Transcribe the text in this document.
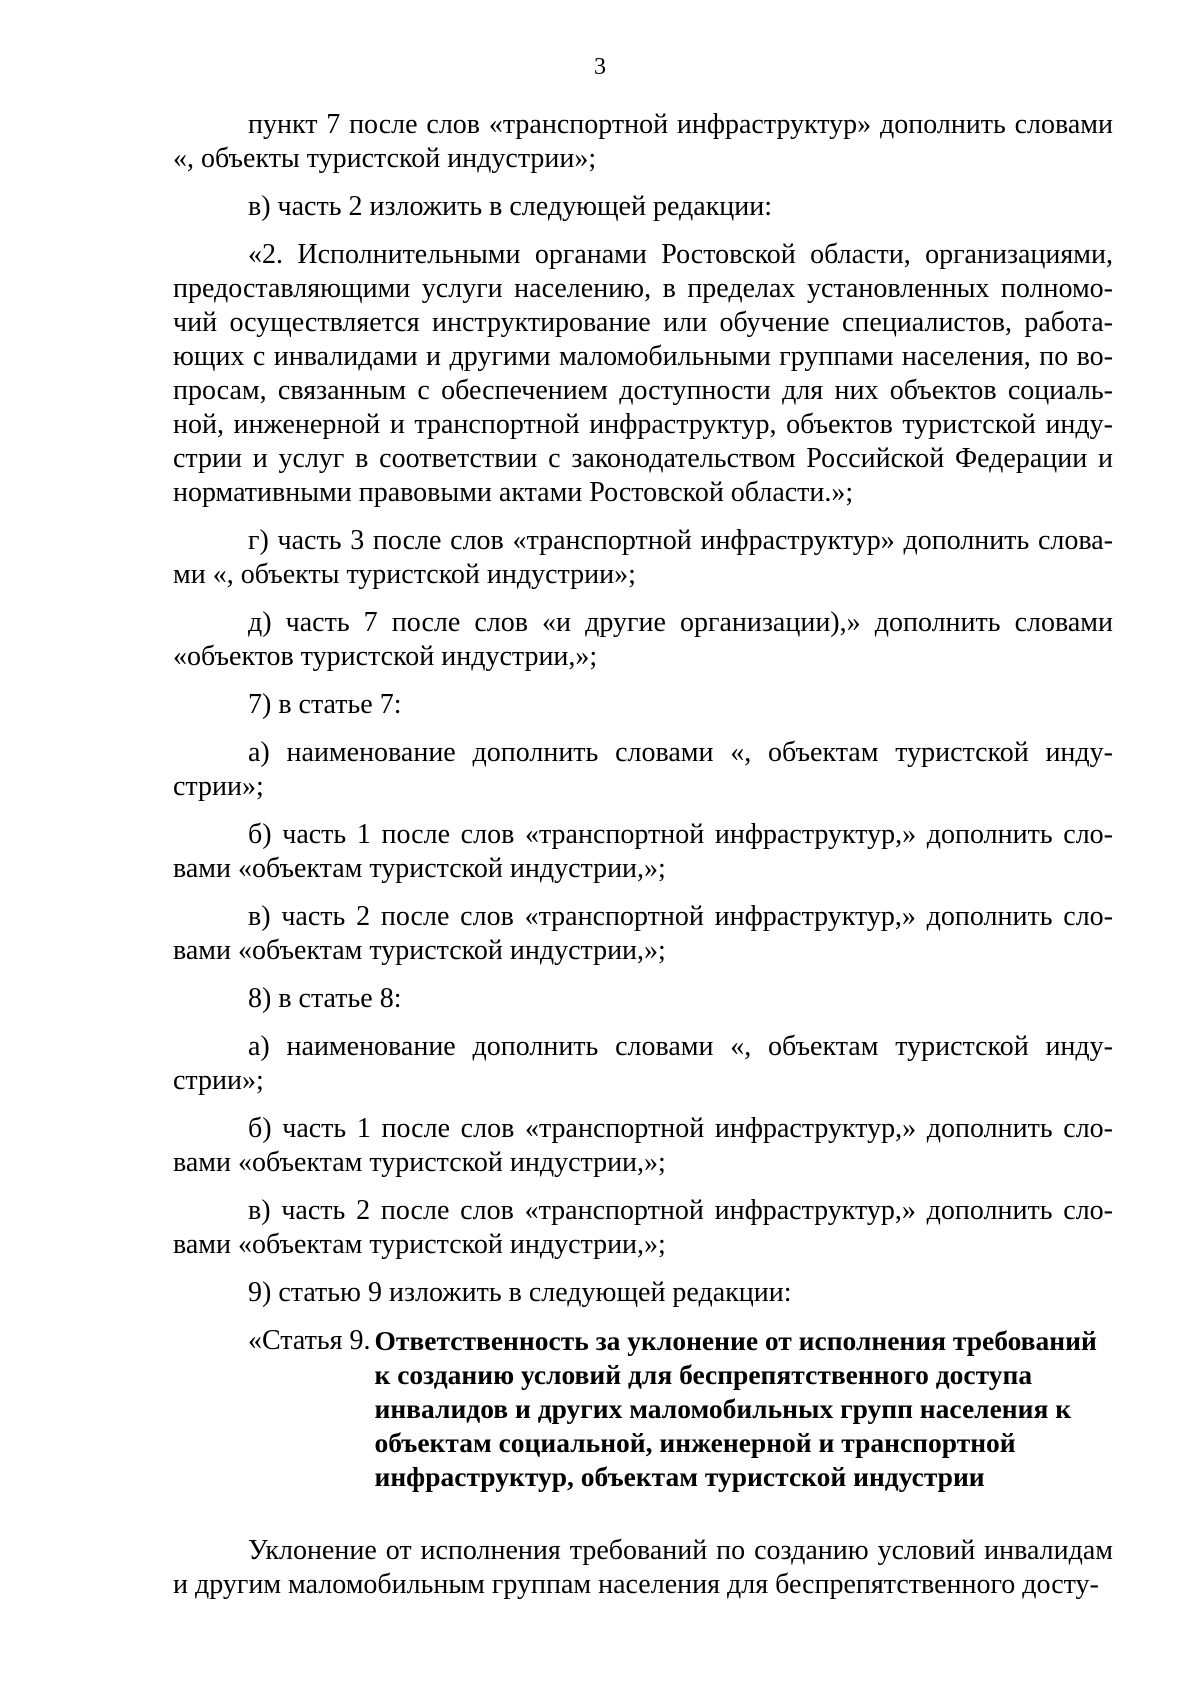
3

пункт 7 после слов «транспортной инфраструктур» дополнить словами «, объекты туристской индустрии»;

в) часть 2 изложить в следующей редакции:

«2. Исполнительными органами Ростовской области, организациями, предоставляющими услуги населению, в пределах установленных полномочий осуществляется инструктирование или обучение специалистов, работающих с инвалидами и другими маломобильными группами населения, по вопросам, связанным с обеспечением доступности для них объектов социальной, инженерной и транспортной инфраструктур, объектов туристской индустрии и услуг в соответствии с законодательством Российской Федерации и нормативными правовыми актами Ростовской области.»;

г) часть 3 после слов «транспортной инфраструктур» дополнить словами «, объекты туристской индустрии»;

д) часть 7 после слов «и другие организации),» дополнить словами «объектов туристской индустрии,»;

7) в статье 7:

а) наименование дополнить словами «, объектам туристской индустрии»;

б) часть 1 после слов «транспортной инфраструктур,» дополнить словами «объектам туристской индустрии,»;

в) часть 2 после слов «транспортной инфраструктур,» дополнить словами «объектам туристской индустрии,»;

8) в статье 8:

а) наименование дополнить словами «, объектам туристской индустрии»;

б) часть 1 после слов «транспортной инфраструктур,» дополнить словами «объектам туристской индустрии,»;

в) часть 2 после слов «транспортной инфраструктур,» дополнить словами «объектам туристской индустрии,»;

9) статью 9 изложить в следующей редакции:

«Статья 9. Ответственность за уклонение от исполнения требований к созданию условий для беспрепятственного доступа инвалидов и других маломобильных групп населения к объектам социальной, инженерной и транспортной инфраструктур, объектам туристской индустрии

Уклонение от исполнения требований по созданию условий инвалидам и другим маломобильным группам населения для беспрепятственного досту-
